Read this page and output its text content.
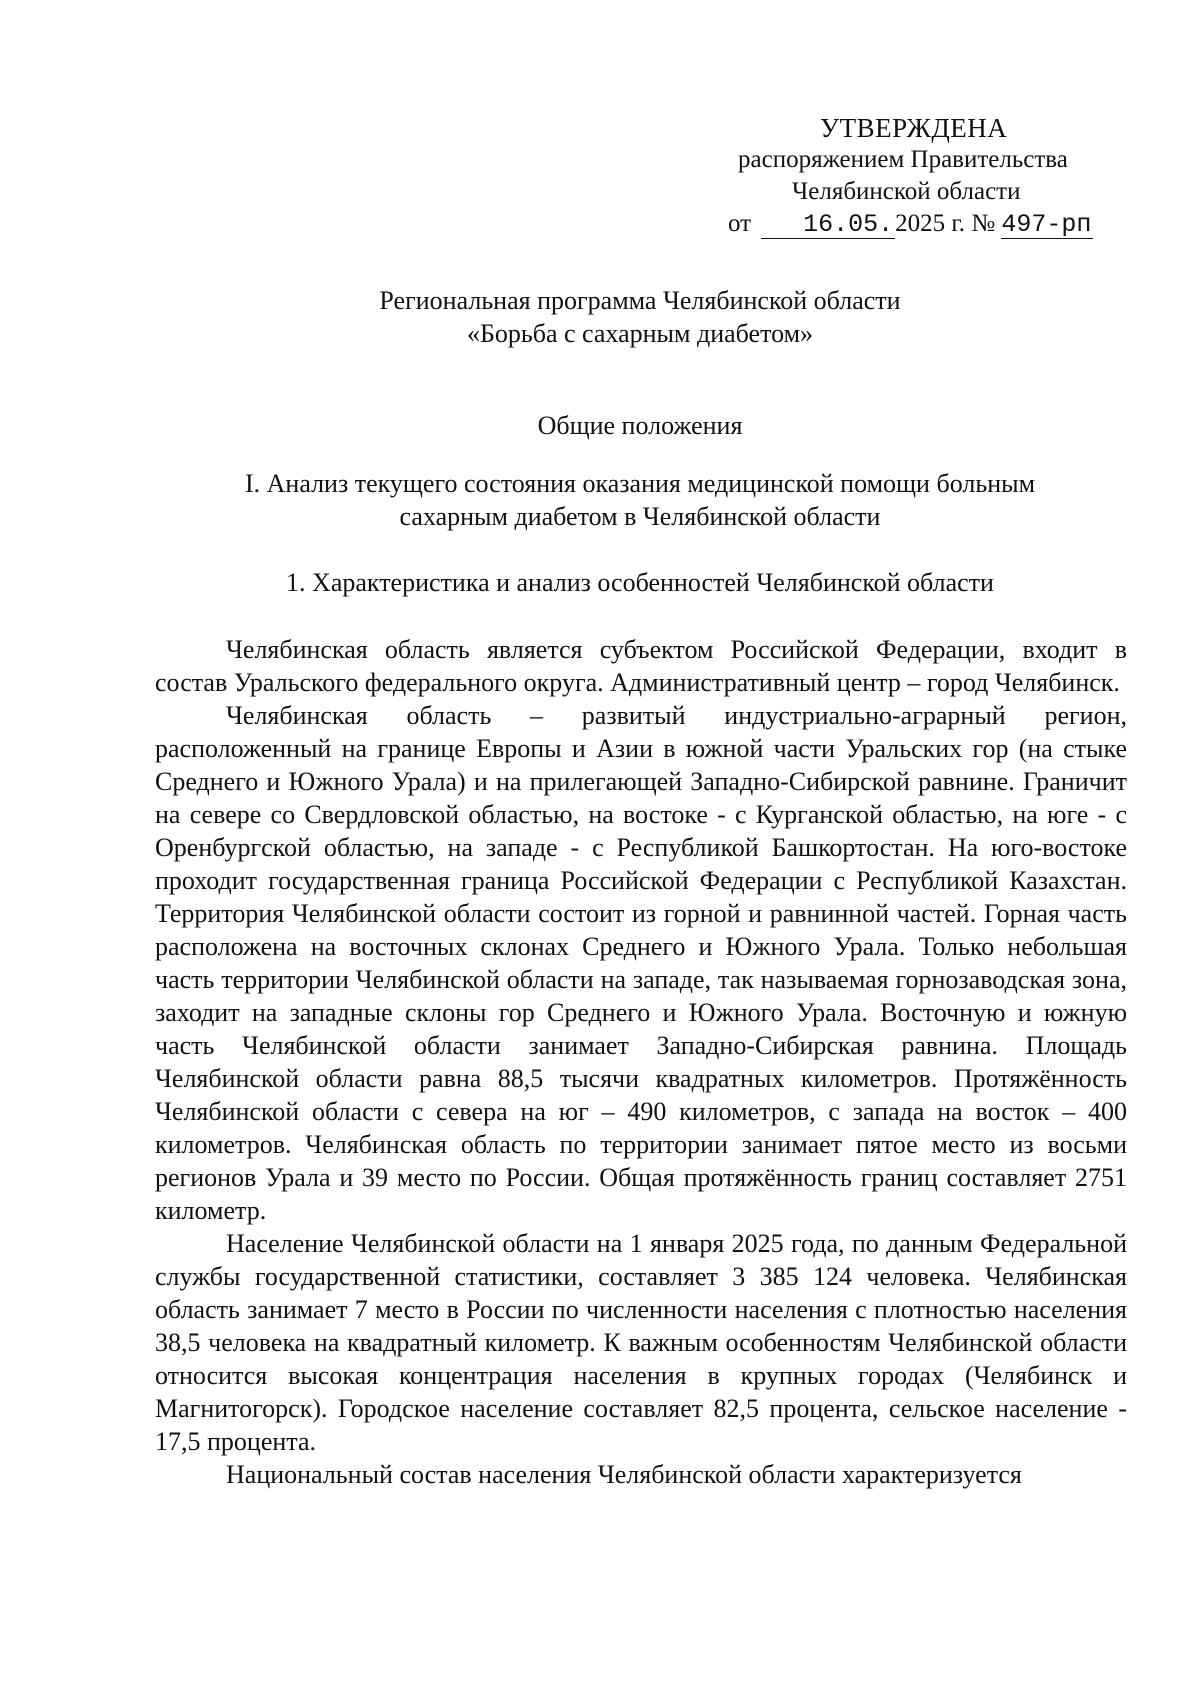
УТВЕРЖДЕНА
распоряжением Правительства
Челябинской области
от 16.05.2025 г. № 497-рп
Региональная программа Челябинской области
«Борьба с сахарным диабетом»
Общие положения
I. Анализ текущего состояния оказания медицинской помощи больным
сахарным диабетом в Челябинской области
1. Характеристика и анализ особенностей Челябинской области

Челябинская область является субъектом Российской Федерации, входит в состав Уральского федерального округа. Административный центр – город Челябинск.

Челябинская область – развитый индустриально-аграрный регион, расположенный на границе Европы и Азии в южной части Уральских гор (на стыке Среднего и Южного Урала) и на прилегающей Западно-Сибирской равнине. Граничит на севере со Свердловской областью, на востоке - с Курганской областью, на юге - с Оренбургской областью, на западе - с Республикой Башкортостан. На юго-востоке проходит государственная граница Российской Федерации с Республикой Казахстан. Территория Челябинской области состоит из горной и равнинной частей. Горная часть расположена на восточных склонах Среднего и Южного Урала. Только небольшая часть территории Челябинской области на западе, так называемая горнозаводская зона, заходит на западные склоны гор Среднего и Южного Урала. Восточную и южную часть Челябинской области занимает Западно-Сибирская равнина. Площадь Челябинской области равна 88,5 тысячи квадратных километров. Протяжённость Челябинской области с севера на юг – 490 километров, с запада на восток – 400 километров. Челябинская область по территории занимает пятое место из восьми регионов Урала и 39 место по России. Общая протяжённость границ составляет 2751 километр.

Население Челябинской области на 1 января 2025 года, по данным Федеральной службы государственной статистики, составляет 3 385 124 человека. Челябинская область занимает 7 место в России по численности населения с плотностью населения 38,5 человека на квадратный километр. К важным особенностям Челябинской области относится высокая концентрация населения в крупных городах (Челябинск и Магнитогорск). Городское население составляет 82,5 процента, сельское население - 17,5 процента.

Национальный состав населения Челябинской области характеризуется
